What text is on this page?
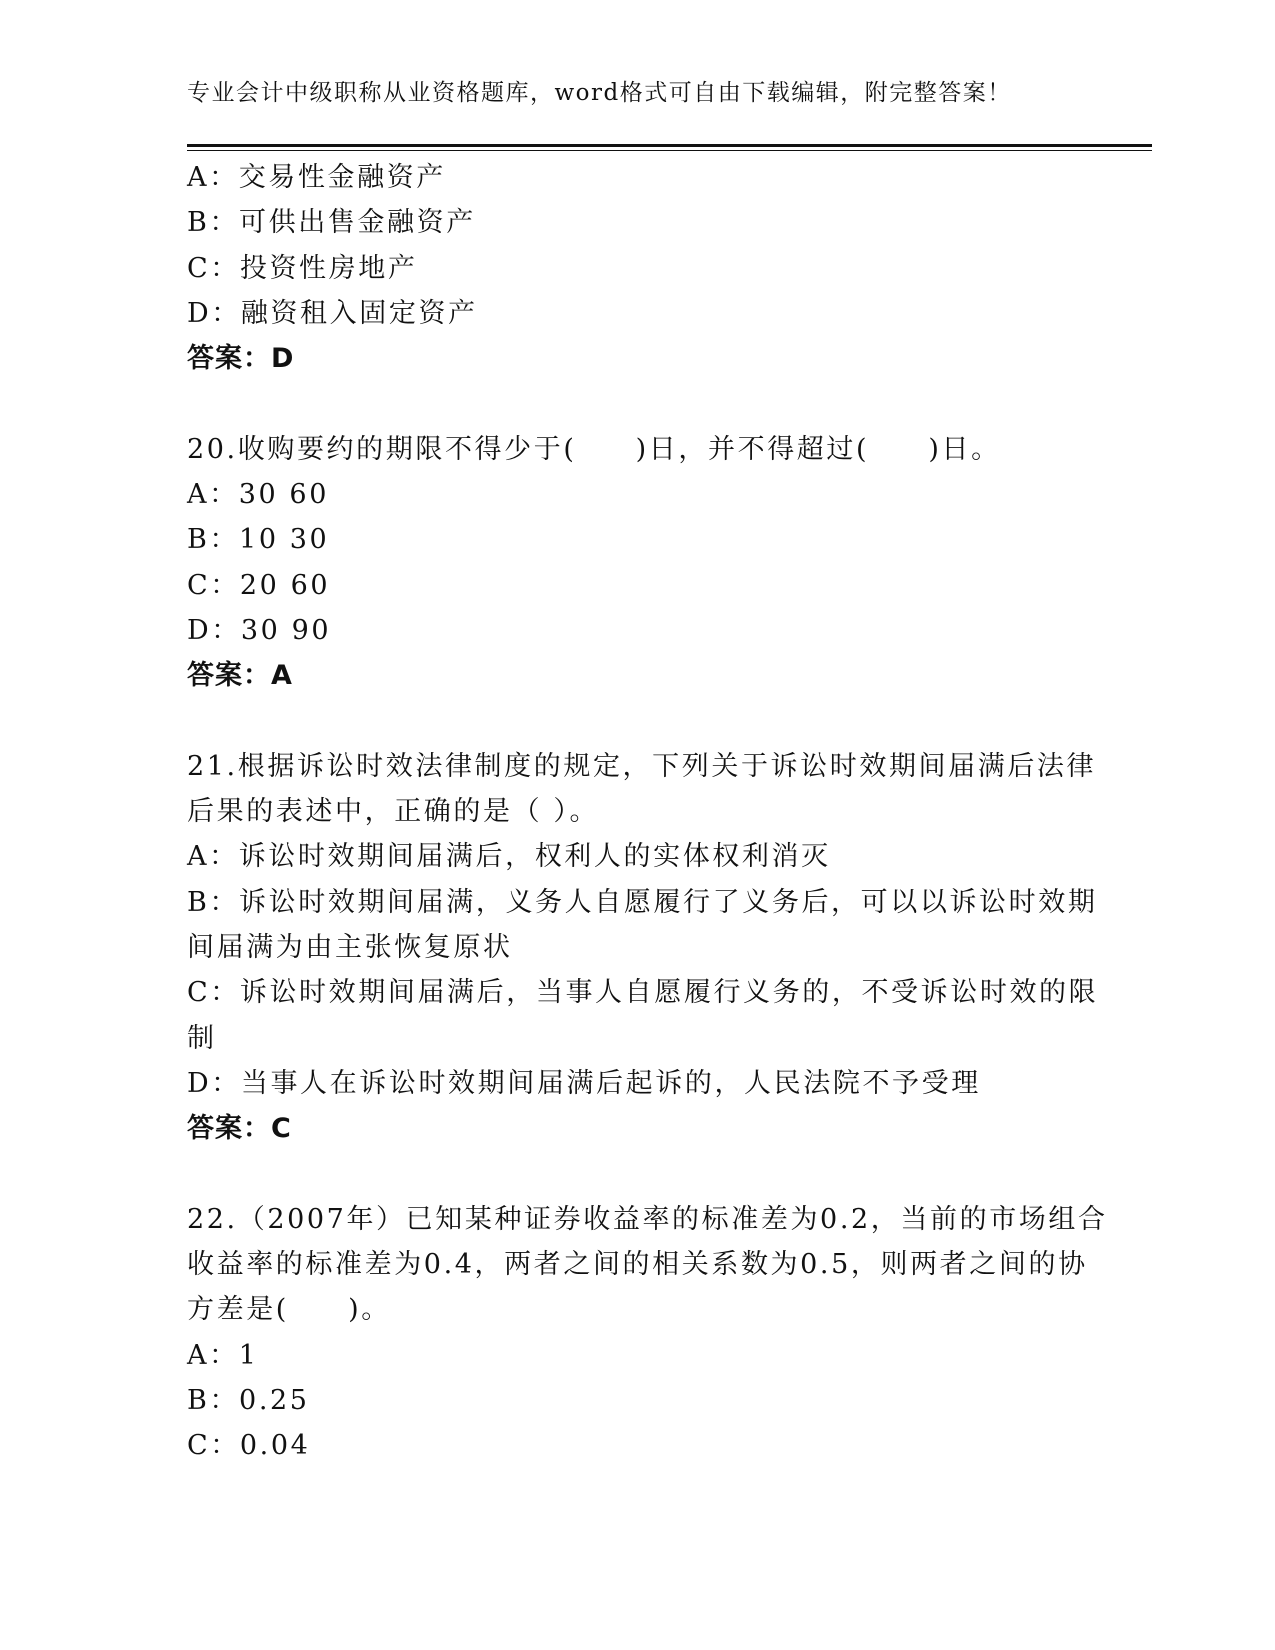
专业会计中级职称从业资格题库，word格式可自由下载编辑，附完整答案！
A：交易性金融资产
B：可供出售金融资产
C：投资性房地产
D：融资租入固定资产
答案：D
20.收购要约的期限不得少于(　　)日，并不得超过(　　)日。
A：30 60
B：10 30
C：20 60
D：30 90
答案：A
21.根据诉讼时效法律制度的规定，下列关于诉讼时效期间届满后法律
后果的表述中，正确的是（ ）。
A：诉讼时效期间届满后，权利人的实体权利消灭
B：诉讼时效期间届满，义务人自愿履行了义务后，可以以诉讼时效期
间届满为由主张恢复原状
C：诉讼时效期间届满后，当事人自愿履行义务的，不受诉讼时效的限
制
D：当事人在诉讼时效期间届满后起诉的，人民法院不予受理
答案：C
22.（2007年）已知某种证券收益率的标准差为0.2，当前的市场组合
收益率的标准差为0.4，两者之间的相关系数为0.5，则两者之间的协
方差是(　　)。
A：1
B：0.25
C：0.04
